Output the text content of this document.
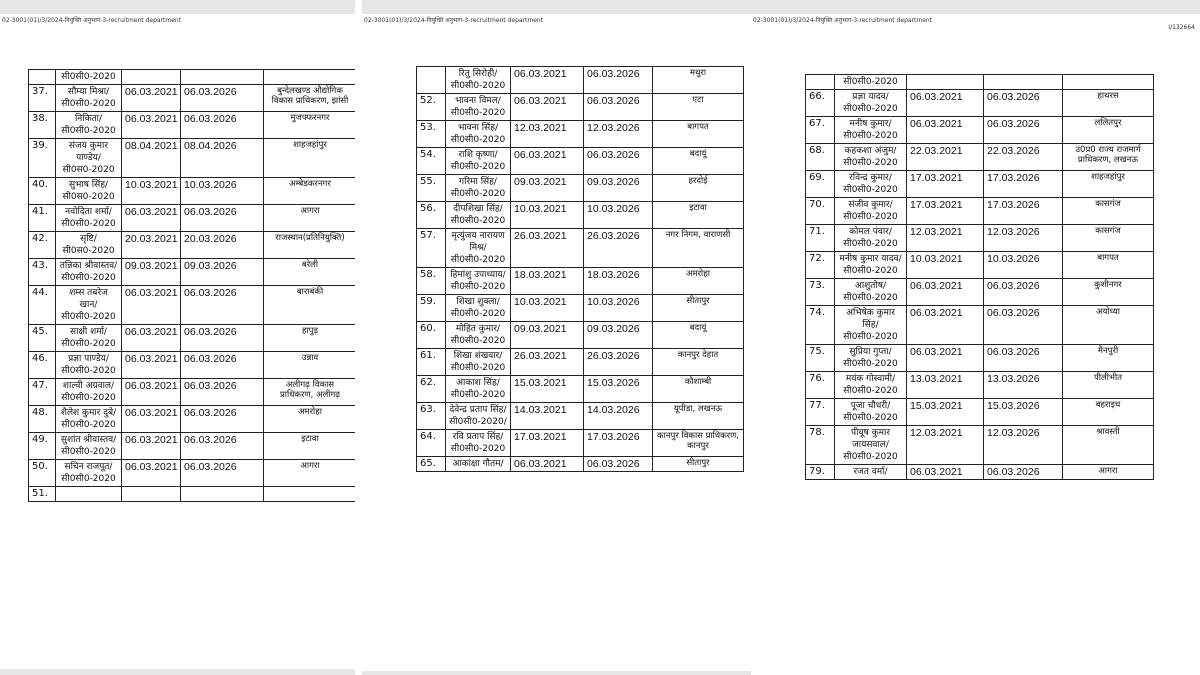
02-3001(01)/3/2024-नियुक्ति अनुभाग-3-recruitment department

	सी0सी0-2020			

37.	सौम्या मिश्रा/
सी0सी0-2020	06.03.2021	06.03.2026	बुन्देलखण्ड औद्योगिक
विकास प्राधिकरण, झांसी

38.	निकिता/
सी0सी0-2020	06.03.2021	06.03.2026	मुजफ्फरनगर

39.	संजय कुमार
पाण्डेय/
सी0स0-2020	08.04.2021	08.04.2026	शाहजहांपुर

40.	सुभाष सिंह/
सी0स0-2020	10.03.2021	10.03.2026	अम्बेडकरनगर

41.	नवोदिता शर्मा/
सी0सी0-2020	06.03.2021	06.03.2026	आगरा

42.	सृष्टि/
सी0स0-2020	20.03.2021	20.03.2026	राजस्थान(प्रतिनियुक्ति)

43.	तन्निका श्रीवास्तव/
सी0सी0-2020	09.03.2021	09.03.2026	बरेली

44.	शम्स तबरेज खान/
सी0सी0-2020	06.03.2021	06.03.2026	बाराबंकी

45.	साक्षी शर्मा/
सी0सी0-2020	06.03.2021	06.03.2026	हापुड़

46.	प्रज्ञा पाण्डेय/
सी0सी0-2020	06.03.2021	06.03.2026	उन्नाव

47.	शाल्वी अग्रवाल/
सी0सी0-2020	06.03.2021	06.03.2026	अलीगढ़ विकास
प्राधिकरण, अलीगढ़

48.	शैलेश कुमार दुबे/
सी0सी0-2020	06.03.2021	06.03.2026	अमरोहा

49.	सुशांत श्रीवास्तव/
सी0सी0-2020	06.03.2021	06.03.2026	इटावा

50.	सचिन राजपूत/
सी0सी0-2020	06.03.2021	06.03.2026	आगरा

51.	

02-3001(01)/3/2024-नियुक्ति अनुभाग-3-recruitment department

	रितु सिरोही/
सी0सी0-2020	06.03.2021	06.03.2026	मथुरा

52.	भावना विमल/
सी0सी0-2020	06.03.2021	06.03.2026	एटा

53.	भावना सिंह/
सी0सी0-2020	12.03.2021	12.03.2026	बागपत

54.	राशि कृष्णा/
सी0सी0-2020	06.03.2021	06.03.2026	बदायूं

55.	गरिमा सिंह/
सी0सी0-2020	09.03.2021	09.03.2026	हरदोई

56.	दीपशिखा सिंह/
सी0सी0-2020	10.03.2021	10.03.2026	इटावा

57.	मृत्युंजय नारायण
मिश्र/
सी0सी0-2020	26.03.2021	26.03.2026	नगर निगम, वाराणसी

58.	हिमांशु उपाध्याय/
सी0सी0-2020	18.03.2021	18.03.2026	अमरोहा

59.	शिखा शुक्ला/
सी0सी0-2020	10.03.2021	10.03.2026	सीतापुर

60.	मोहित कुमार/
सी0सी0-2020	09.03.2021	09.03.2026	बदायूं

61.	शिखा शंखवार/
सी0सी0-2020	26.03.2021	26.03.2026	कानपुर देहात

62.	आकाश सिंह/
सी0सी0-2020	15.03.2021	15.03.2026	कौशाम्बी

63.	देवेन्द्र प्रताप सिंह/
सी0सी0-2020/	14.03.2021	14.03.2026	यूपीडा, लखनऊ

64.	रवि प्रताप सिंह/
सी0सी0-2020	17.03.2021	17.03.2026	कानपुर विकास प्राधिकरण,
कानपुर

65.	आकांक्षा गौतम/	06.03.2021	06.03.2026	सीतापुर
02-3001(01)/3/2024-नियुक्ति अनुभाग-3-recruitment department
I/132664

	सी0सी0-2020			

66.	प्रज्ञा यादव/
सी0सी0-2020	06.03.2021	06.03.2026	हाथरस

67.	मनीष कुमार/
सी0सी0-2020	06.03.2021	06.03.2026	ललितपुर

68.	कहकशा अंजुम/
सी0सी0-2020	22.03.2021	22.03.2026	उ0प्र0 राज्य राजमार्ग
प्राधिकरण, लखनऊ

69.	रविन्द्र कुमार/
सी0सी0-2020	17.03.2021	17.03.2026	शाहजहांपुर

70.	संजीव कुमार/
सी0सी0-2020	17.03.2021	17.03.2026	कासगंज

71.	कोमल पंवार/
सी0सी0-2020	12.03.2021	12.03.2026	कासगंज

72.	मनीष कुमार यादव/
सी0सी0-2020	10.03.2021	10.03.2026	बागपत

73.	आशुतोष/
सी0सी0-2020	06.03.2021	06.03.2026	कुशीनगर

74.	अभिषेक कुमार
सिंह/
सी0सी0-2020	06.03.2021	06.03.2026	अयोध्या

75.	सुप्रिया गुप्ता/
सी0सी0-2020	06.03.2021	06.03.2026	मैनपुरी

76.	मयंक गोस्वामी/
सी0सी0-2020	13.03.2021	13.03.2026	पीलीभीत

77.	पूजा चौधरी/
सी0सी0-2020	15.03.2021	15.03.2026	बहराइच

78.	पीयूष कुमार
जायसवाल/
सी0सी0-2020	12.03.2021	12.03.2026	श्रावस्ती

79.	रजत वर्मा/	06.03.2021	06.03.2026	आगरा
